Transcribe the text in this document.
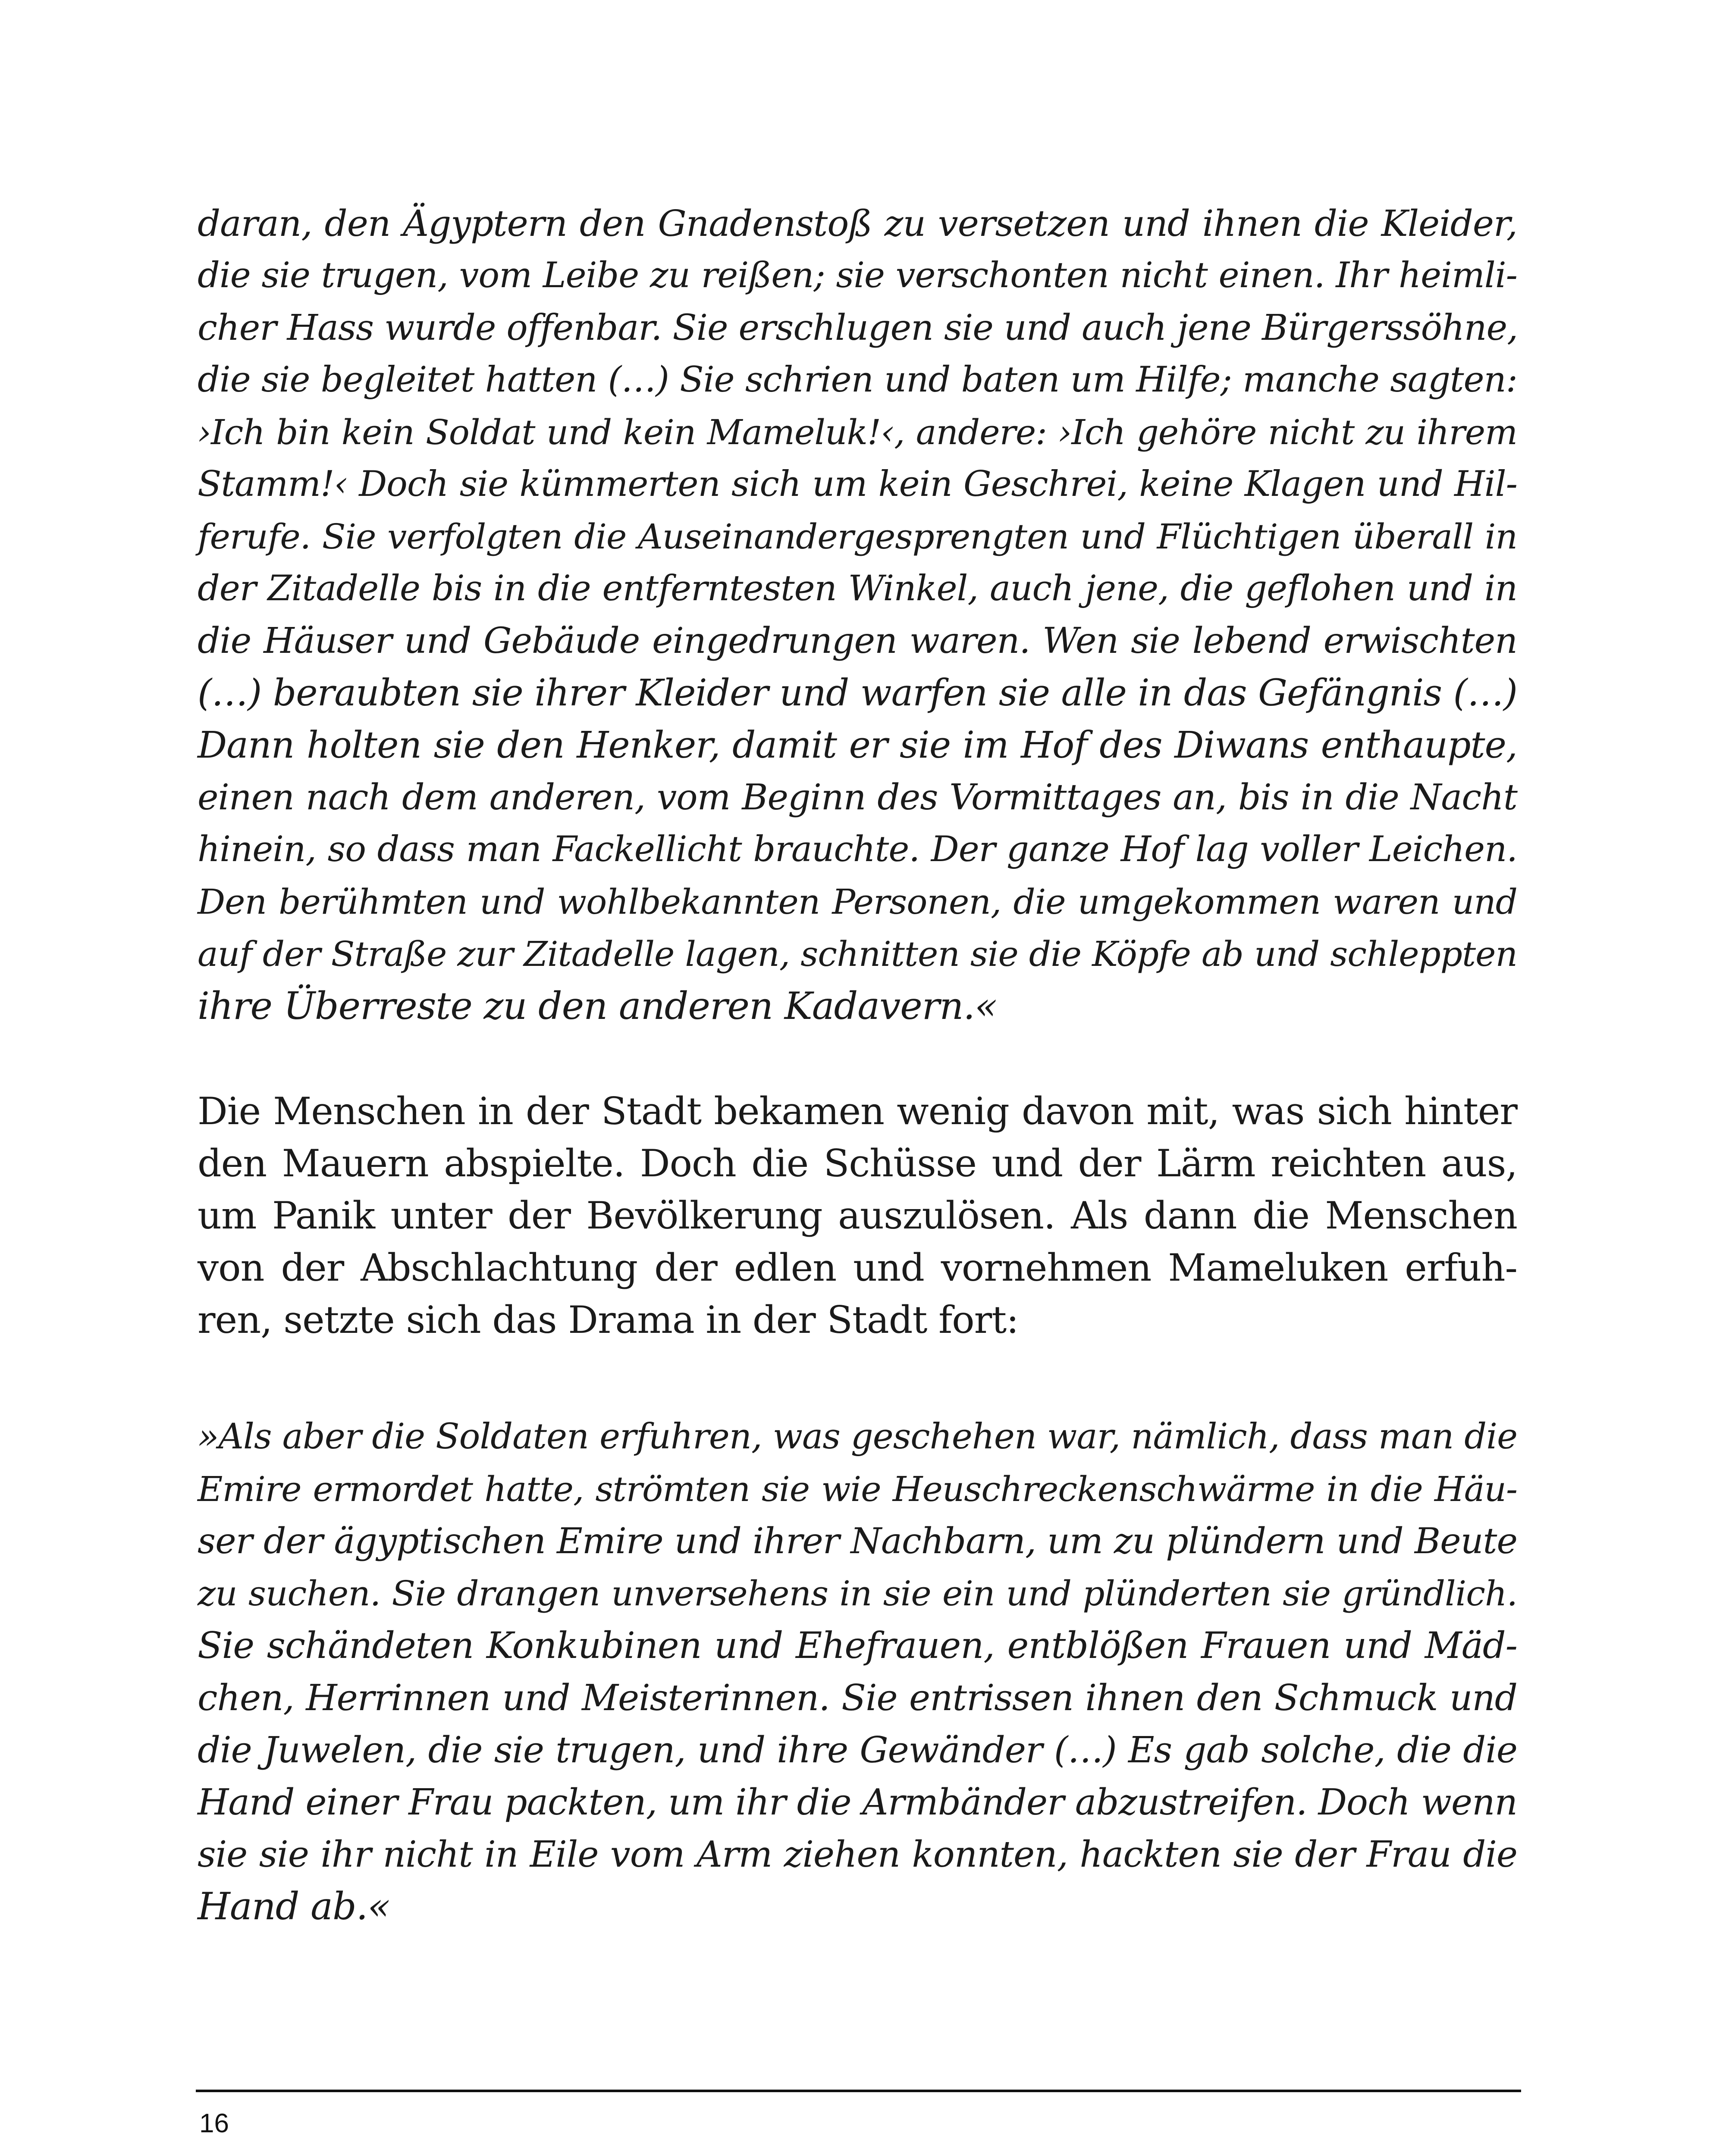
daran, den Ägyptern den Gnadenstoß zu versetzen und ihnen die Kleider,
die sie trugen, vom Leibe zu reißen; sie verschonten nicht einen. Ihr heimli-
cher Hass wurde offenbar. Sie erschlugen sie und auch jene Bürgerssöhne,
die sie begleitet hatten (…) Sie schrien und baten um Hilfe; manche sagten:
›Ich bin kein Soldat und kein Mameluk!‹, andere: ›Ich gehöre nicht zu ihrem
Stamm!‹ Doch sie kümmerten sich um kein Geschrei, keine Klagen und Hil-
ferufe. Sie verfolgten die Auseinandergesprengten und Flüchtigen überall in
der Zitadelle bis in die entferntesten Winkel, auch jene, die geflohen und in
die Häuser und Gebäude eingedrungen waren. Wen sie lebend erwischten
(…) beraubten sie ihrer Kleider und warfen sie alle in das Gefängnis (…)
Dann holten sie den Henker, damit er sie im Hof des Diwans enthaupte,
einen nach dem anderen, vom Beginn des Vormittages an, bis in die Nacht
hinein, so dass man Fackellicht brauchte. Der ganze Hof lag voller Leichen.
Den berühmten und wohlbekannten Personen, die umgekommen waren und
auf der Straße zur Zitadelle lagen, schnitten sie die Köpfe ab und schleppten
ihre Überreste zu den anderen Kadavern.«
Die Menschen in der Stadt bekamen wenig davon mit, was sich hinter
den Mauern abspielte. Doch die Schüsse und der Lärm reichten aus,
um Panik unter der Bevölkerung auszulösen. Als dann die Menschen
von der Abschlachtung der edlen und vornehmen Mameluken erfuh-
ren, setzte sich das Drama in der Stadt fort:
»Als aber die Soldaten erfuhren, was geschehen war, nämlich, dass man die
Emire ermordet hatte, strömten sie wie Heuschreckenschwärme in die Häu-
ser der ägyptischen Emire und ihrer Nachbarn, um zu plündern und Beute
zu suchen. Sie drangen unversehens in sie ein und plünderten sie gründlich.
Sie schändeten Konkubinen und Ehefrauen, entblößen Frauen und Mäd-
chen, Herrinnen und Meisterinnen. Sie entrissen ihnen den Schmuck und
die Juwelen, die sie trugen, und ihre Gewänder (…) Es gab solche, die die
Hand einer Frau packten, um ihr die Armbänder abzustreifen. Doch wenn
sie sie ihr nicht in Eile vom Arm ziehen konnten, hackten sie der Frau die
Hand ab.«
16
